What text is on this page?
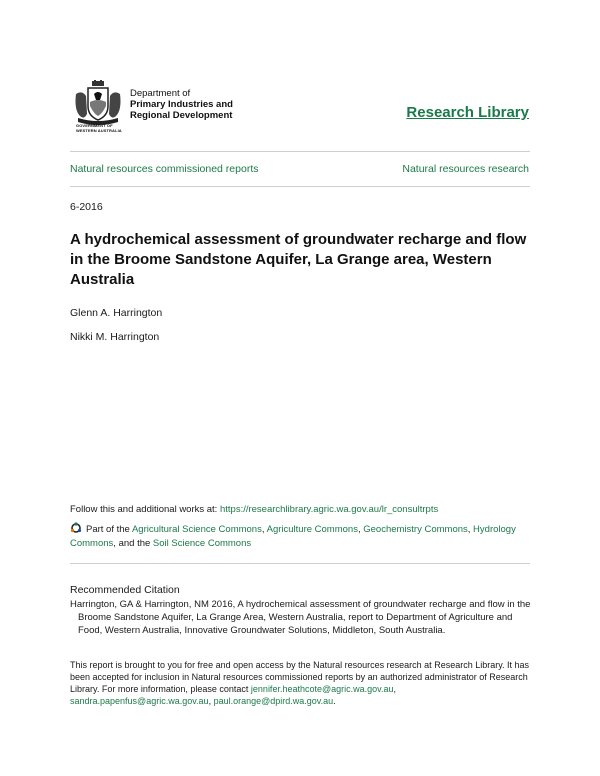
Department of
Primary Industries and
Regional Development
GOVERNMENT OF
WESTERN AUSTRALIA
Research Library
Natural resources commissioned reports	Natural resources research
6-2016
A hydrochemical assessment of groundwater recharge and flow in the Broome Sandstone Aquifer, La Grange area, Western Australia
Glenn A. Harrington
Nikki M. Harrington
Follow this and additional works at: https://researchlibrary.agric.wa.gov.au/lr_consultrpts
Part of the Agricultural Science Commons, Agriculture Commons, Geochemistry Commons, Hydrology Commons, and the Soil Science Commons
Recommended Citation
Harrington, GA & Harrington, NM 2016, A hydrochemical assessment of groundwater recharge and flow in the
Broome Sandstone Aquifer, La Grange Area, Western Australia, report to Department of Agriculture and
Food, Western Australia, Innovative Groundwater Solutions, Middleton, South Australia.
This report is brought to you for free and open access by the Natural resources research at Research Library. It has been accepted for inclusion in Natural resources commissioned reports by an authorized administrator of Research Library. For more information, please contact jennifer.heathcote@agric.wa.gov.au, sandra.papenfus@agric.wa.gov.au, paul.orange@dpird.wa.gov.au.
